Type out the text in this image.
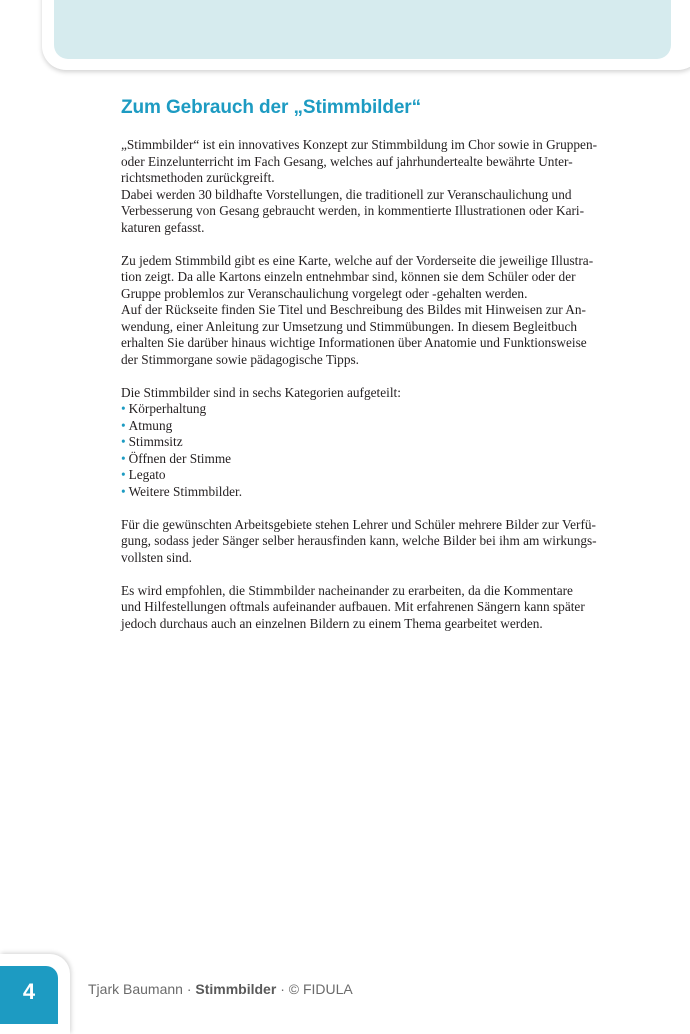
Zum Gebrauch der „Stimmbilder“
„Stimmbilder“ ist ein innovatives Konzept zur Stimmbildung im Chor sowie in Gruppen-
oder Einzelunterricht im Fach Gesang, welches auf jahrhundertealte bewährte Unter-
richtsmethoden zurückgreift.
Dabei werden 30 bildhafte Vorstellungen, die traditionell zur Veranschaulichung und
Verbesserung von Gesang gebraucht werden, in kommentierte Illustrationen oder Kari-
katuren gefasst.
Zu jedem Stimmbild gibt es eine Karte, welche auf der Vorderseite die jeweilige Illustra-
tion zeigt. Da alle Kartons einzeln entnehmbar sind, können sie dem Schüler oder der
Gruppe problemlos zur Veranschaulichung vorgelegt oder -gehalten werden.
Auf der Rückseite finden Sie Titel und Beschreibung des Bildes mit Hinweisen zur An-
wendung, einer Anleitung zur Umsetzung und Stimmübungen. In diesem Begleitbuch
erhalten Sie darüber hinaus wichtige Informationen über Anatomie und Funktionsweise
der Stimmorgane sowie pädagogische Tipps.
Die Stimmbilder sind in sechs Kategorien aufgeteilt:
• Körperhaltung
• Atmung
• Stimmsitz
• Öffnen der Stimme
• Legato
• Weitere Stimmbilder.
Für die gewünschten Arbeitsgebiete stehen Lehrer und Schüler mehrere Bilder zur Verfü-
gung, sodass jeder Sänger selber herausfinden kann, welche Bilder bei ihm am wirkungs-
vollsten sind.
Es wird empfohlen, die Stimmbilder nacheinander zu erarbeiten, da die Kommentare
und Hilfestellungen oftmals aufeinander aufbauen. Mit erfahrenen Sängern kann später
jedoch durchaus auch an einzelnen Bildern zu einem Thema gearbeitet werden.
4	Tjark Baumann · Stimmbilder · © FIDULA
